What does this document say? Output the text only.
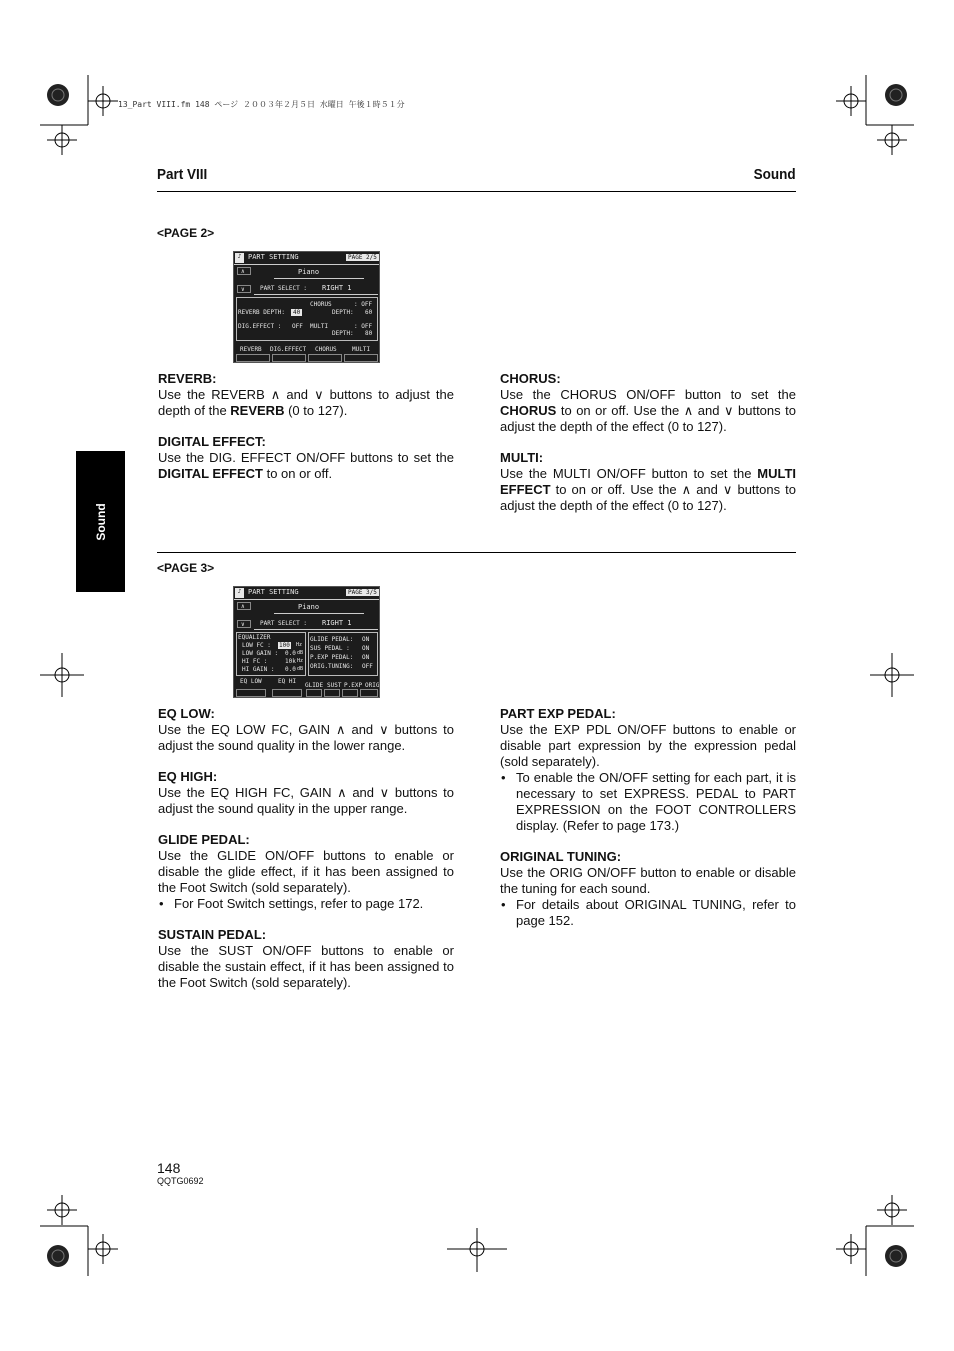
13_Part VIII.fm 148 ページ ２００３年２月５日 水曜日 午後１時５１分
Part VIII	Sound
Sound
<PAGE 2>
♪ PART SETTING	PAGE 2/5
∧	Piano
∨	PART SELECT : RIGHT 1
REVERB DEPTH:	40
DIG.EFFECT : OFF
CHORUS	: OFF
DEPTH: 60
MULTI	: OFF
DEPTH: 80
REVERB DIG.EFFECT CHORUS	MULTI
REVERB:

Use the REVERB ∧ and ∨ buttons to adjust the depth of the REVERB (0 to 127).

DIGITAL EFFECT:

Use the DIG. EFFECT ON/OFF buttons to set the DIGITAL EFFECT to on or off.

CHORUS:

Use the CHORUS ON/OFF button to set the CHORUS to on or off. Use the ∧ and ∨ buttons to adjust the depth of the effect (0 to 127).

MULTI:

Use the MULTI ON/OFF button to set the MULTI EFFECT to on or off. Use the ∧ and ∨ buttons to adjust the depth of the effect (0 to 127).

<PAGE 3>
♪ PART SETTING	PAGE 3/5
∧	Piano
∨	PART SELECT : RIGHT 1
EQUALIZER
LOW FC : 100 Hz
LOW GAIN : 0.0 dB
HI FC :	10k Hz
HI GAIN : 0.0 dB
GLIDE PEDAL: ON
SUS PEDAL : ON
P.EXP PEDAL: ON
ORIG.TUNING: OFF
EQ LOW	EQ HI
GLIDE SUST P.EXP ORIG
EQ LOW:

Use the EQ LOW FC, GAIN ∧ and ∨ buttons to adjust the sound quality in the lower range.

EQ HIGH:

Use the EQ HIGH FC, GAIN ∧ and ∨ buttons to adjust the sound quality in the upper range.

GLIDE PEDAL:

Use the GLIDE ON/OFF buttons to enable or disable the glide effect, if it has been assigned to the Foot Switch (sold separately).

• For Foot Switch settings, refer to page 172.
SUSTAIN PEDAL:

Use the SUST ON/OFF buttons to enable or disable the sustain effect, if it has been assigned to the Foot Switch (sold separately).

PART EXP PEDAL:

Use the EXP PDL ON/OFF buttons to enable or disable part expression by the expression pedal (sold separately).

• To enable the ON/OFF setting for each part, it is necessary to set EXPRESS. PEDAL to PART EXPRESSION on the FOOT CONTROLLERS display. (Refer to page 173.)
ORIGINAL TUNING:

Use the ORIG ON/OFF button to enable or disable the tuning for each sound.

• For details about ORIGINAL TUNING, refer to page 152.
148
QQTG0692
